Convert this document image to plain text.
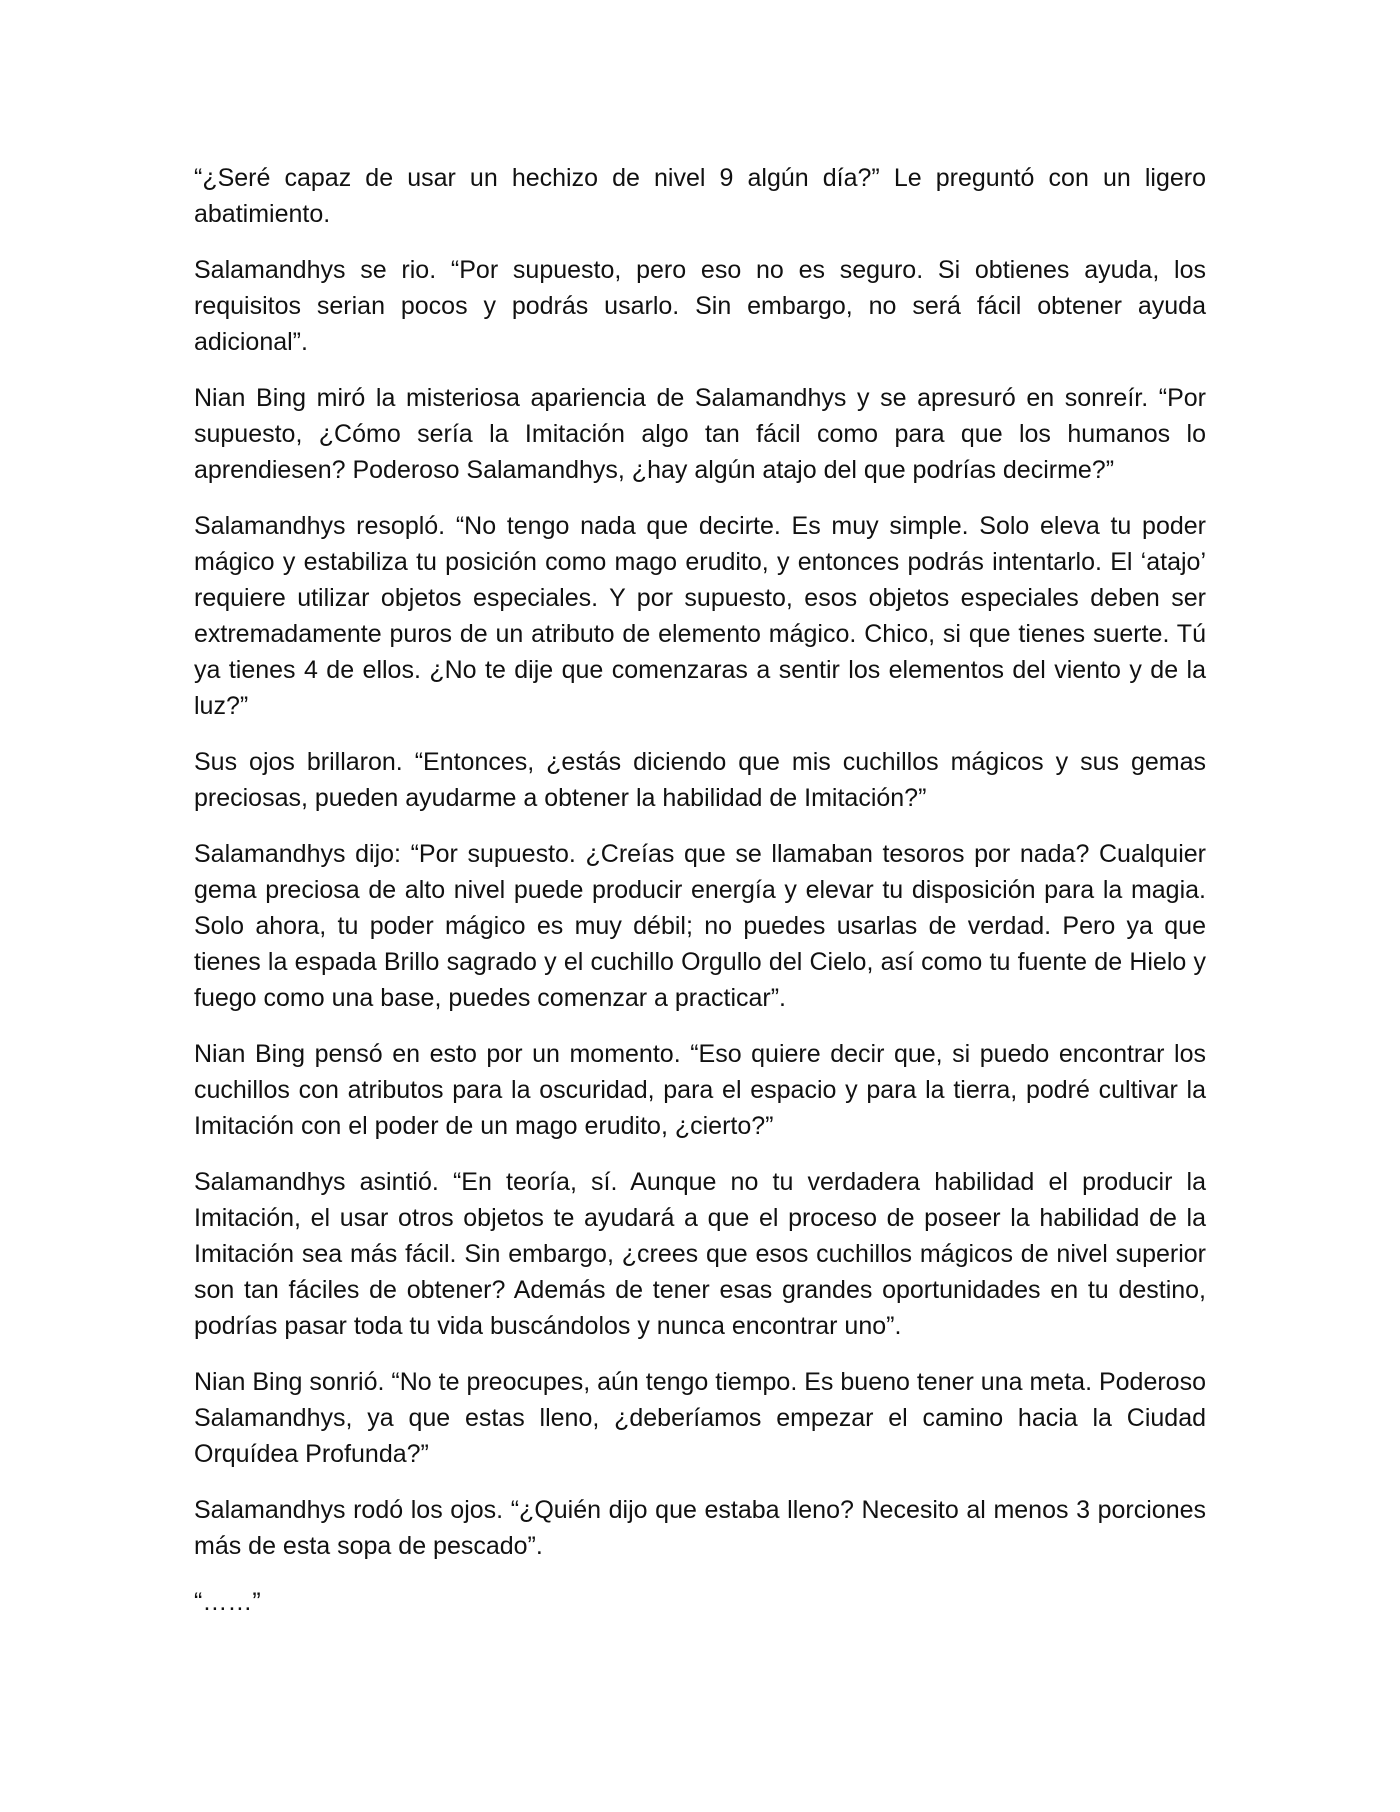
“¿Seré capaz de usar un hechizo de nivel 9 algún día?” Le preguntó con un ligero abatimiento.

Salamandhys se rio. “Por supuesto, pero eso no es seguro. Si obtienes ayuda, los requisitos serian pocos y podrás usarlo. Sin embargo, no será fácil obtener ayuda adicional”.

Nian Bing miró la misteriosa apariencia de Salamandhys y se apresuró en sonreír. “Por supuesto, ¿Cómo sería la Imitación algo tan fácil como para que los humanos lo aprendiesen? Poderoso Salamandhys, ¿hay algún atajo del que podrías decirme?”

Salamandhys resopló. “No tengo nada que decirte. Es muy simple. Solo eleva tu poder mágico y estabiliza tu posición como mago erudito, y entonces podrás intentarlo. El ‘atajo’ requiere utilizar objetos especiales. Y por supuesto, esos objetos especiales deben ser extremadamente puros de un atributo de elemento mágico. Chico, si que tienes suerte. Tú ya tienes 4 de ellos. ¿No te dije que comenzaras a sentir los elementos del viento y de la luz?”

Sus ojos brillaron. “Entonces, ¿estás diciendo que mis cuchillos mágicos y sus gemas preciosas, pueden ayudarme a obtener la habilidad de Imitación?”

Salamandhys dijo: “Por supuesto. ¿Creías que se llamaban tesoros por nada? Cualquier gema preciosa de alto nivel puede producir energía y elevar tu disposición para la magia. Solo ahora, tu poder mágico es muy débil; no puedes usarlas de verdad. Pero ya que tienes la espada Brillo sagrado y el cuchillo Orgullo del Cielo, así como tu fuente de Hielo y fuego como una base, puedes comenzar a practicar”.

Nian Bing pensó en esto por un momento. “Eso quiere decir que, si puedo encontrar los cuchillos con atributos para la oscuridad, para el espacio y para la tierra, podré cultivar la Imitación con el poder de un mago erudito, ¿cierto?”

Salamandhys asintió. “En teoría, sí. Aunque no tu verdadera habilidad el producir la Imitación, el usar otros objetos te ayudará a que el proceso de poseer la habilidad de la Imitación sea más fácil. Sin embargo, ¿crees que esos cuchillos mágicos de nivel superior son tan fáciles de obtener? Además de tener esas grandes oportunidades en tu destino, podrías pasar toda tu vida buscándolos y nunca encontrar uno”.

Nian Bing sonrió. “No te preocupes, aún tengo tiempo. Es bueno tener una meta. Poderoso Salamandhys, ya que estas lleno, ¿deberíamos empezar el camino hacia la Ciudad Orquídea Profunda?”

Salamandhys rodó los ojos. “¿Quién dijo que estaba lleno? Necesito al menos 3 porciones más de esta sopa de pescado”.

“……”
